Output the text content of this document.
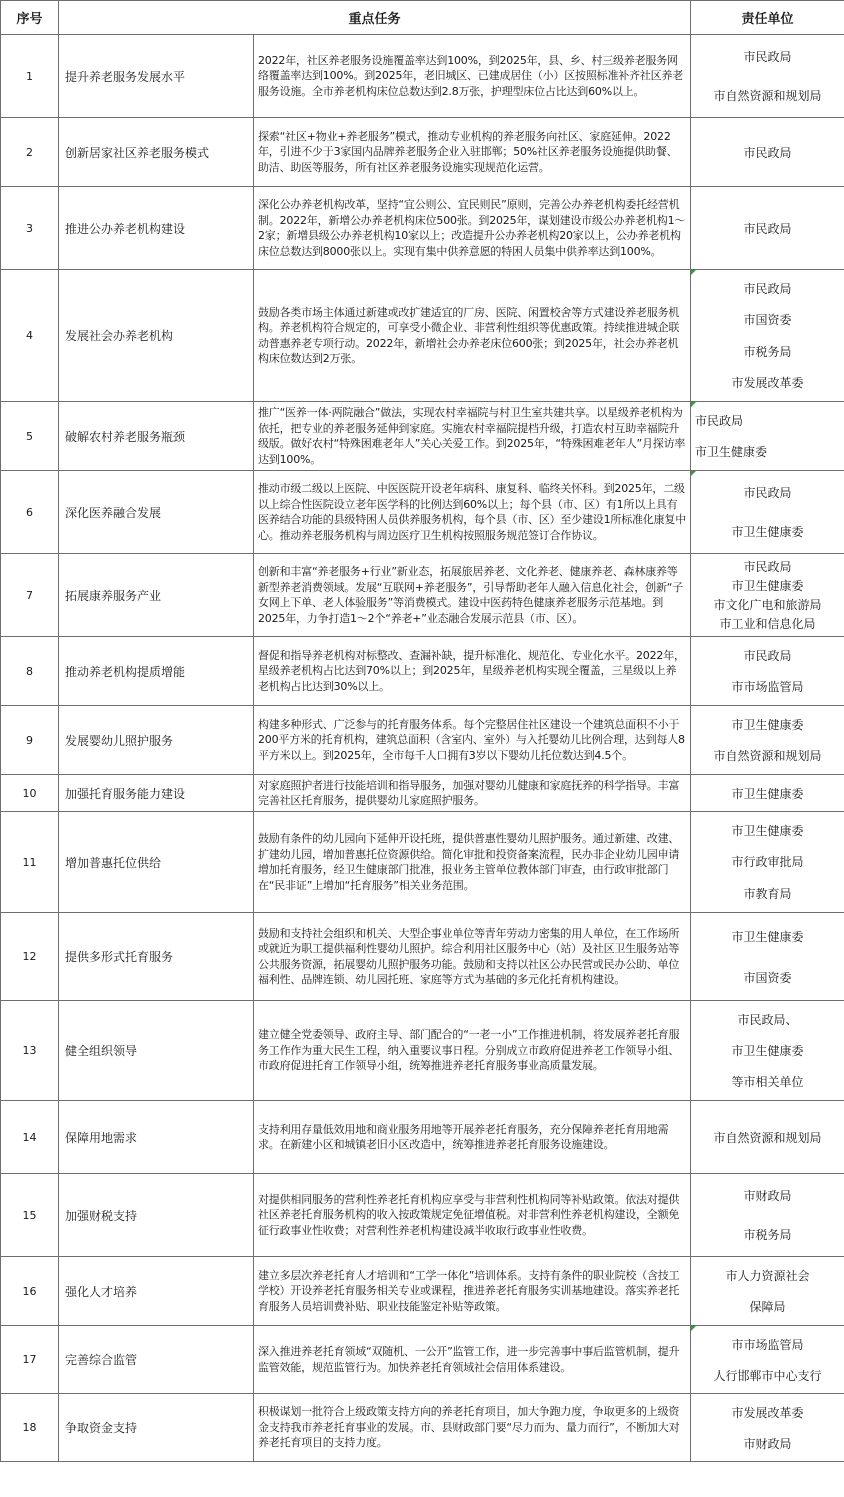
序号	重点任务		责任单位
1	提升养老服务发展水平	2022年，社区养老服务设施覆盖率达到100%，到2025年，县、乡、村三级养老服务网络覆盖率达到100%。到2025年，老旧城区、已建成居住（小）区按照标准补齐社区养老服务设施。全市养老机构床位总数达到2.8万张，护理型床位占比达到60%以上。	市民政局
市自然资源和规划局

2	创新居家社区养老服务模式	探索“社区+物业+养老服务”模式，推动专业机构的养老服务向社区、家庭延伸。2022年，引进不少于3家国内品牌养老服务企业入驻邯郸；50%社区养老服务设施提供助餐、助洁、助医等服务，所有社区养老服务设施实现规范化运营。	市民政局

3	推进公办养老机构建设	深化公办养老机构改革，坚持“宜公则公、宜民则民”原则，完善公办养老机构委托经营机制。2022年，新增公办养老机构床位500张。到2025年，谋划建设市级公办养老机构1～2家；新增县级公办养老机构10家以上；改造提升公办养老机构20家以上，公办养老机构床位总数达到8000张以上。实现有集中供养意愿的特困人员集中供养率达到100%。	市民政局

4	发展社会办养老机构	鼓励各类市场主体通过新建或改扩建适宜的厂房、医院、闲置校舍等方式建设养老服务机构。养老机构符合规定的，可享受小微企业、非营利性组织等优惠政策。持续推进城企联动普惠养老专项行动。2022年，新增社会办养老床位600张；到2025年，社会办养老机构床位数达到2万张。	市民政局
市国资委
市税务局
市发展改革委

5	破解农村养老服务瓶颈	推广“医养一体·两院融合”做法，实现农村幸福院与村卫生室共建共享。以星级养老机构为依托，把专业的养老服务延伸到家庭。实施农村幸福院提档升级，打造农村互助幸福院升级版。做好农村“特殊困难老年人”关心关爱工作。到2025年，“特殊困难老年人”月探访率达到100%。	市民政局
市卫生健康委

6	深化医养融合发展	推动市级二级以上医院、中医医院开设老年病科、康复科、临终关怀科。到2025年，二级以上综合性医院设立老年医学科的比例达到60%以上；每个县（市、区）有1所以上具有医养结合功能的县级特困人员供养服务机构，每个县（市、区）至少建设1所标准化康复中心。推动养老服务机构与周边医疗卫生机构按照服务规范签订合作协议。	市民政局
市卫生健康委

7	拓展康养服务产业	创新和丰富“养老服务+行业”新业态，拓展旅居养老、文化养老、健康养老、森林康养等新型养老消费领域。发展“互联网+养老服务”，引导帮助老年人融入信息化社会，创新“子女网上下单、老人体验服务”等消费模式。建设中医药特色健康养老服务示范基地。到2025年，力争打造1～2个“养老+”业态融合发展示范县（市、区）。	市民政局
市卫生健康委
市文化广电和旅游局
市工业和信息化局

8	推动养老机构提质增能	督促和指导养老机构对标整改、查漏补缺，提升标准化、规范化、专业化水平。2022年，星级养老机构占比达到70%以上；到2025年，星级养老机构实现全覆盖，三星级以上养老机构占比达到30%以上。	市民政局
市市场监管局

9	发展婴幼儿照护服务	构建多种形式、广泛参与的托育服务体系。每个完整居住社区建设一个建筑总面积不小于200平方米的托育机构，建筑总面积（含室内、室外）与入托婴幼儿比例合理，达到每人8平方米以上。到2025年，全市每千人口拥有3岁以下婴幼儿托位数达到4.5个。	市卫生健康委
市自然资源和规划局

10	加强托育服务能力建设	对家庭照护者进行技能培训和指导服务，加强对婴幼儿健康和家庭抚养的科学指导。丰富完善社区托育服务，提供婴幼儿家庭照护服务。	市卫生健康委

11	增加普惠托位供给	鼓励有条件的幼儿园向下延伸开设托班，提供普惠性婴幼儿照护服务。通过新建、改建、扩建幼儿园，增加普惠托位资源供给。简化审批和投资备案流程，民办非企业幼儿园申请增加托育服务，经卫生健康部门批准，报业务主管单位教体部门审查，由行政审批部门在“民非证”上增加“托育服务”相关业务范围。	市卫生健康委
市行政审批局
市教育局

12	提供多形式托育服务	鼓励和支持社会组织和机关、大型企事业单位等青年劳动力密集的用人单位，在工作场所或就近为职工提供福利性婴幼儿照护。综合利用社区服务中心（站）及社区卫生服务站等公共服务资源，拓展婴幼儿照护服务功能。鼓励和支持以社区公办民营或民办公助、单位福利性、品牌连锁、幼儿园托班、家庭等方式为基础的多元化托育机构建设。	市卫生健康委
市国资委

13	健全组织领导	建立健全党委领导、政府主导、部门配合的“一老一小”工作推进机制，将发展养老托育服务工作作为重大民生工程，纳入重要议事日程。分别成立市政府促进养老工作领导小组、市政府促进托育工作领导小组，统筹推进养老托育服务事业高质量发展。	市民政局、
市卫生健康委
等市相关单位

14	保障用地需求	支持利用存量低效用地和商业服务用地等开展养老托育服务，充分保障养老托育用地需求。在新建小区和城镇老旧小区改造中，统筹推进养老托育服务设施建设。	市自然资源和规划局

15	加强财税支持	对提供相同服务的营利性养老托育机构应享受与非营利性机构同等补贴政策。依法对提供社区养老托育服务机构的收入按政策规定免征增值税。对非营利性养老机构建设，全额免征行政事业性收费；对营利性养老机构建设减半收取行政事业性收费。	市财政局
市税务局

16	强化人才培养	建立多层次养老托育人才培训和“工学一体化”培训体系。支持有条件的职业院校（含技工学校）开设养老托育服务相关专业或课程，推进养老托育服务实训基地建设。落实养老托育服务人员培训费补贴、职业技能鉴定补贴等政策。	市人力资源社会
保障局

17	完善综合监管	深入推进养老托育领域“双随机、一公开”监管工作，进一步完善事中事后监管机制，提升监管效能，规范监管行为。加快养老托育领域社会信用体系建设。	市市场监管局
人行邯郸市中心支行

18	争取资金支持	积极谋划一批符合上级政策支持方向的养老托育项目，加大争跑力度，争取更多的上级资金支持我市养老托育事业的发展。市、县财政部门要“尽力而为、量力而行”，不断加大对养老托育项目的支持力度。	市发展改革委
市财政局
